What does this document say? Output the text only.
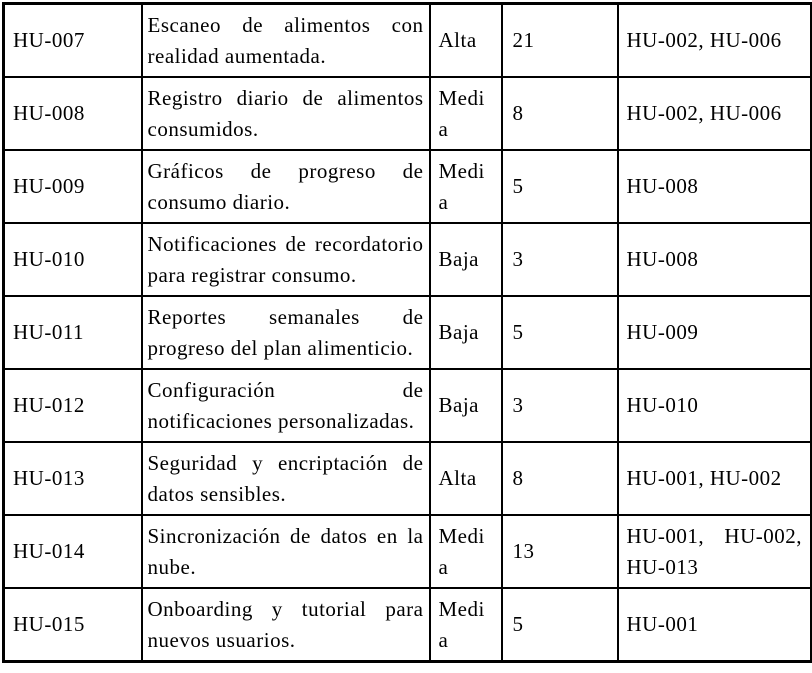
HU-007	Escaneo de alimentos con realidad aumentada.	Alta	21	HU-002, HU-006
HU-008	Registro diario de alimentos consumidos.	Media	8	HU-002, HU-006
HU-009	Gráficos de progreso de consumo diario.	Media	5	HU-008
HU-010	Notificaciones de recordatorio para registrar consumo.	Baja	3	HU-008
HU-011	Reportes semanales de progreso del plan alimenticio.	Baja	5	HU-009
HU-012	Configuración de notificaciones personalizadas.	Baja	3	HU-010
HU-013	Seguridad y encriptación de datos sensibles.	Alta	8	HU-001, HU-002
HU-014	Sincronización de datos en la nube.	Media	13	HU-001, HU-002, HU-013
HU-015	Onboarding y tutorial para nuevos usuarios.	Media	5	HU-001
